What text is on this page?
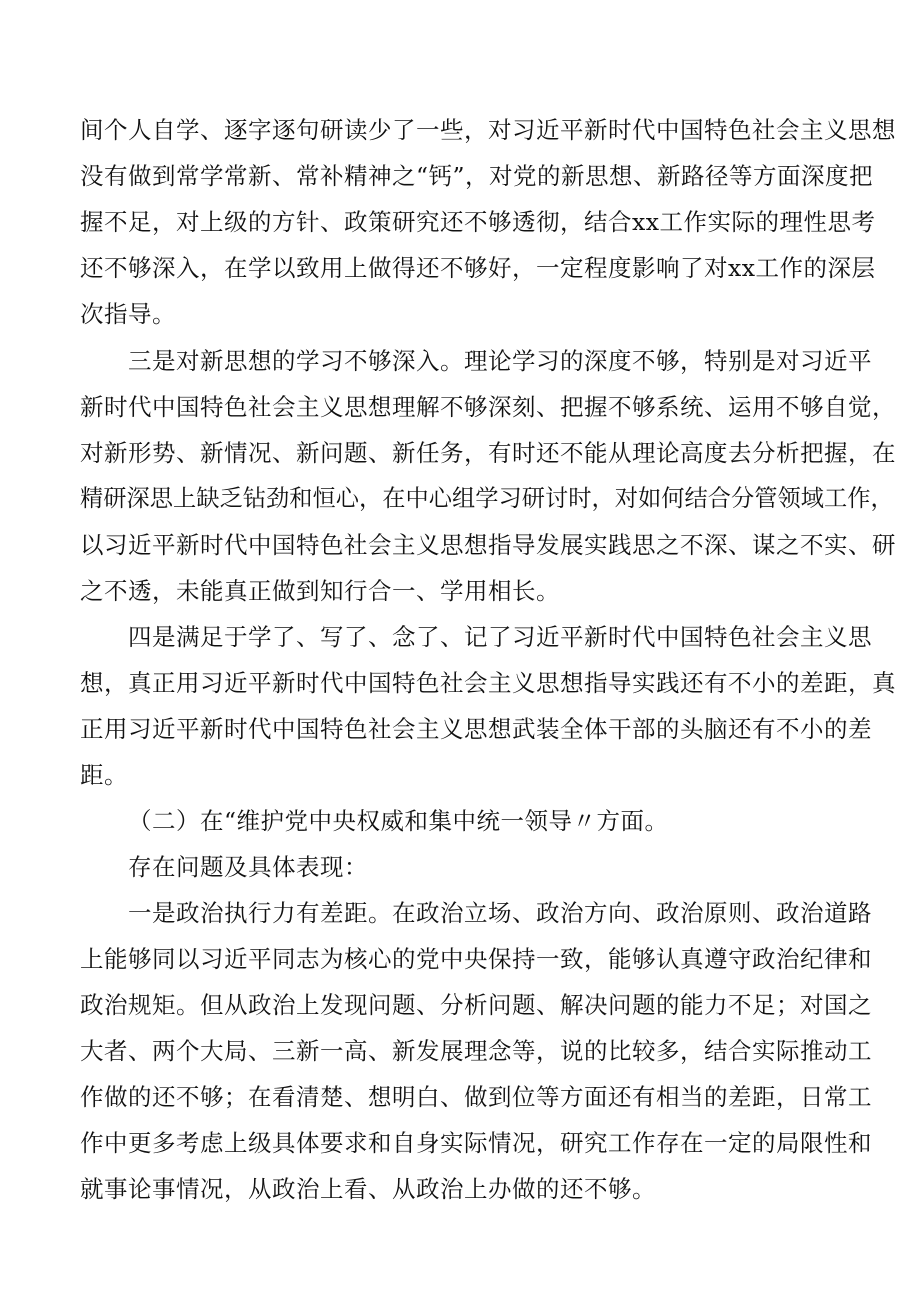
间个人自学、逐字逐句研读少了一些，对习近平新时代中国特色社会主义思想

没有做到常学常新、常补精神之“钙”，对党的新思想、新路径等方面深度把

握不足，对上级的方针、政策研究还不够透彻，结合xx工作实际的理性思考

还不够深入，在学以致用上做得还不够好，一定程度影响了对xx工作的深层

次指导。

三是对新思想的学习不够深入。理论学习的深度不够，特别是对习近平

新时代中国特色社会主义思想理解不够深刻、把握不够系统、运用不够自觉，

对新形势、新情况、新问题、新任务，有时还不能从理论高度去分析把握，在

精研深思上缺乏钻劲和恒心，在中心组学习研讨时，对如何结合分管领域工作，

以习近平新时代中国特色社会主义思想指导发展实践思之不深、谋之不实、研

之不透，未能真正做到知行合一、学用相长。

四是满足于学了、写了、念了、记了习近平新时代中国特色社会主义思

想，真正用习近平新时代中国特色社会主义思想指导实践还有不小的差距，真

正用习近平新时代中国特色社会主义思想武装全体干部的头脑还有不小的差

距。

（二）在“维护党中央权威和集中统一领导〃方面。

存在问题及具体表现：

一是政治执行力有差距。在政治立场、政治方向、政治原则、政治道路

上能够同以习近平同志为核心的党中央保持一致，能够认真遵守政治纪律和

政治规矩。但从政治上发现问题、分析问题、解决问题的能力不足；对国之

大者、两个大局、三新一高、新发展理念等，说的比较多，结合实际推动工

作做的还不够；在看清楚、想明白、做到位等方面还有相当的差距，日常工

作中更多考虑上级具体要求和自身实际情况，研究工作存在一定的局限性和

就事论事情况，从政治上看、从政治上办做的还不够。
